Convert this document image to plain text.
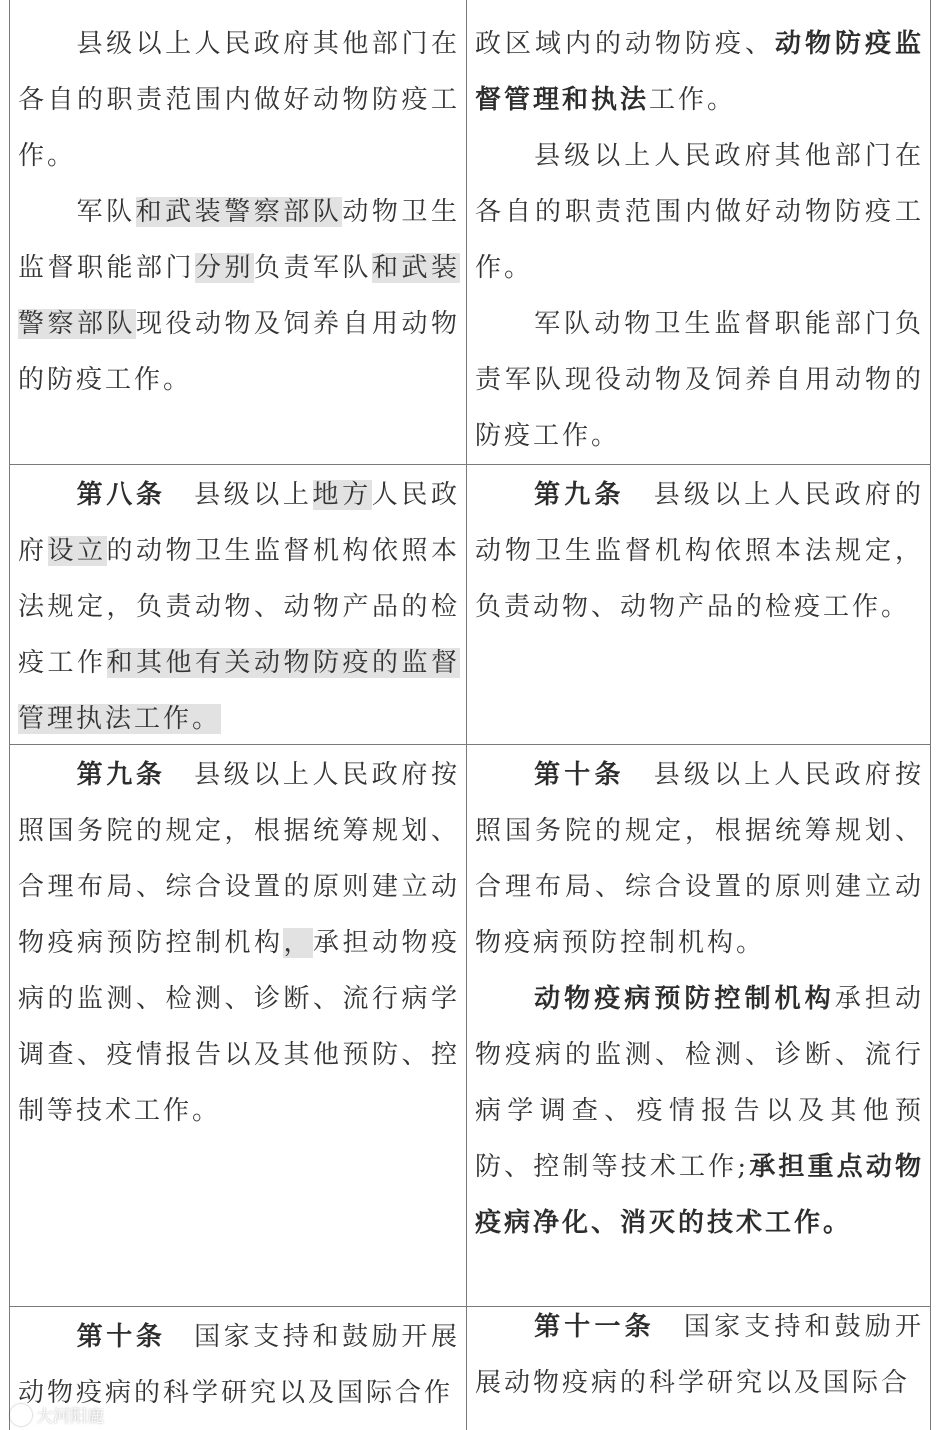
县级以上人民政府其他部门在各自的职责范围内做好动物防疫工作。

军队和武装警察部队动物卫生监督职能部门分别负责军队和武装警察部队现役动物及饲养自用动物的防疫工作。

政区域内的动物防疫、动物防疫监督管理和执法工作。

县级以上人民政府其他部门在各自的职责范围内做好动物防疫工作。

军队动物卫生监督职能部门负责军队现役动物及饲养自用动物的防疫工作。

第八条 县级以上地方人民政府设立的动物卫生监督机构依照本法规定，负责动物、动物产品的检疫工作和其他有关动物防疫的监督管理执法工作。

第九条 县级以上人民政府的动物卫生监督机构依照本法规定，负责动物、动物产品的检疫工作。

第九条 县级以上人民政府按照国务院的规定，根据统筹规划、合理布局、综合设置的原则建立动物疫病预防控制机构，承担动物疫病的监测、检测、诊断、流行病学调查、疫情报告以及其他预防、控制等技术工作。

第十条 县级以上人民政府按照国务院的规定，根据统筹规划、合理布局、综合设置的原则建立动物疫病预防控制机构。

动物疫病预防控制机构承担动物疫病的监测、检测、诊断、流行病学调查、疫情报告以及其他预防、控制等技术工作;承担重点动物疫病净化、消灭的技术工作。

第十条 国家支持和鼓励开展动物疫病的科学研究以及国际合作

第十一条 国家支持和鼓励开展动物疫病的科学研究以及国际合

大河阳鹿
